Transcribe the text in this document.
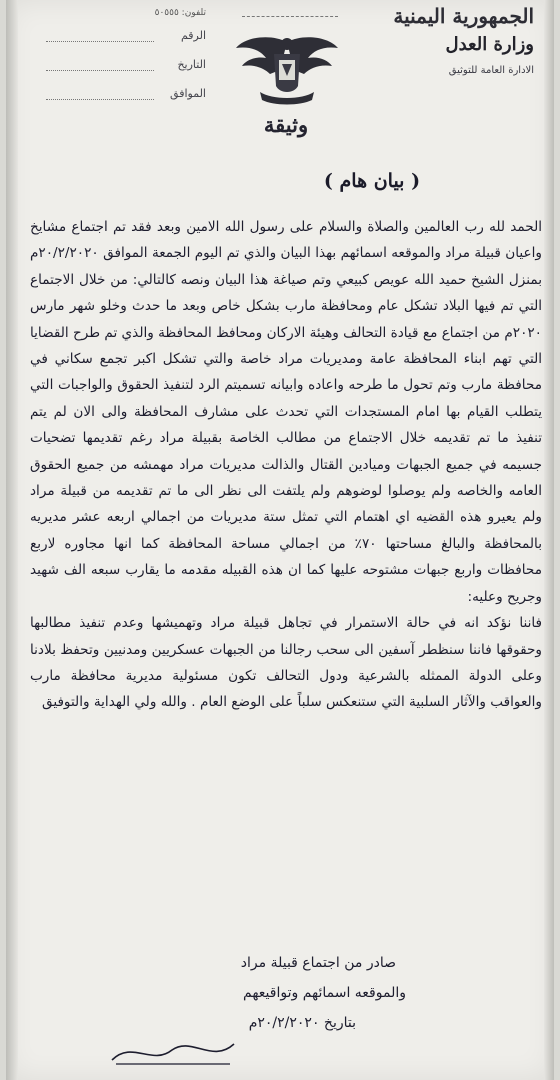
الجمهورية اليمنية
وزارة العدل
الادارة العامة للتوثيق
تلفون: ٥٠٥٥٥
الرقم
التاريخ
الموافق
وثيقة
( بيان هام )
الحمد لله رب العالمين والصلاة والسلام على رسول الله الامين وبعد فقد تم اجتماع مشايخ واعيان قبيلة مراد والموقعه اسمائهم بهذا البيان والذي تم اليوم الجمعة الموافق ٢٠/٢/٢٠٢٠م بمنزل الشيخ حميد الله عويص كبيعي وتم صياغة هذا البيان ونصه كالتالي: من خلال الاجتماع التي تم فيها البلاد تشكل عام ومحافظة مارب بشكل خاص وبعد ما حدث وخلو شهر مارس ٢٠٢٠م من اجتماع مع قيادة التحالف وهيئة الاركان ومحافظ المحافظة والذي تم طرح القضايا التي تهم ابناء المحافظة عامة ومديريات مراد خاصة والتي تشكل اكبر تجمع سكاني في محافظة مارب وتم تحول ما طرحه واعاده وابيانه تسميتم الرد لتنفيذ الحقوق والواجبات التي يتطلب القيام بها امام المستجدات التي تحدث على مشارف المحافظة والى الان لم يتم تنفيذ ما تم تقديمه خلال الاجتماع من مطالب الخاصة بقبيلة مراد رغم تقديمها تضحيات جسيمه في جميع الجبهات وميادين القتال والذالت مديريات مراد مهمشه من جميع الحقوق العامه والخاصه ولم يوصلوا لوضوهم ولم يلتفت الى نظر الى ما تم تقديمه من قبيلة مراد ولم يعيرو هذه القضيه اي اهتمام التي تمثل ستة مديريات من اجمالي اربعه عشر مديريه بالمحافظة والبالغ مساحتها ٧٠٪ من اجمالي مساحة المحافظة كما انها مجاوره لاربع محافظات واربع جبهات مشتوحه عليها كما ان هذه القبيله مقدمه ما يقارب سبعه الف شهيد وجريح وعليه:
فاننا نؤكد انه في حالة الاستمرار في تجاهل قبيلة مراد وتهميشها وعدم تنفيذ مطالبها وحقوقها فاننا سنظطر آسفين الى سحب رجالنا من الجبهات عسكريين ومدنيين وتحفظ بلادنا وعلى الدولة الممثله بالشرعية ودول التحالف تكون مسئولية مديرية محافظة مارب والعواقب والآثار السلبية التي ستنعكس سلباً على الوضع العام . والله ولي الهداية والتوفيق
صادر من اجتماع قبيلة مراد
والموقعه اسمائهم وتواقيعهم
بتاريخ ٢٠/٢/٢٠٢٠م
